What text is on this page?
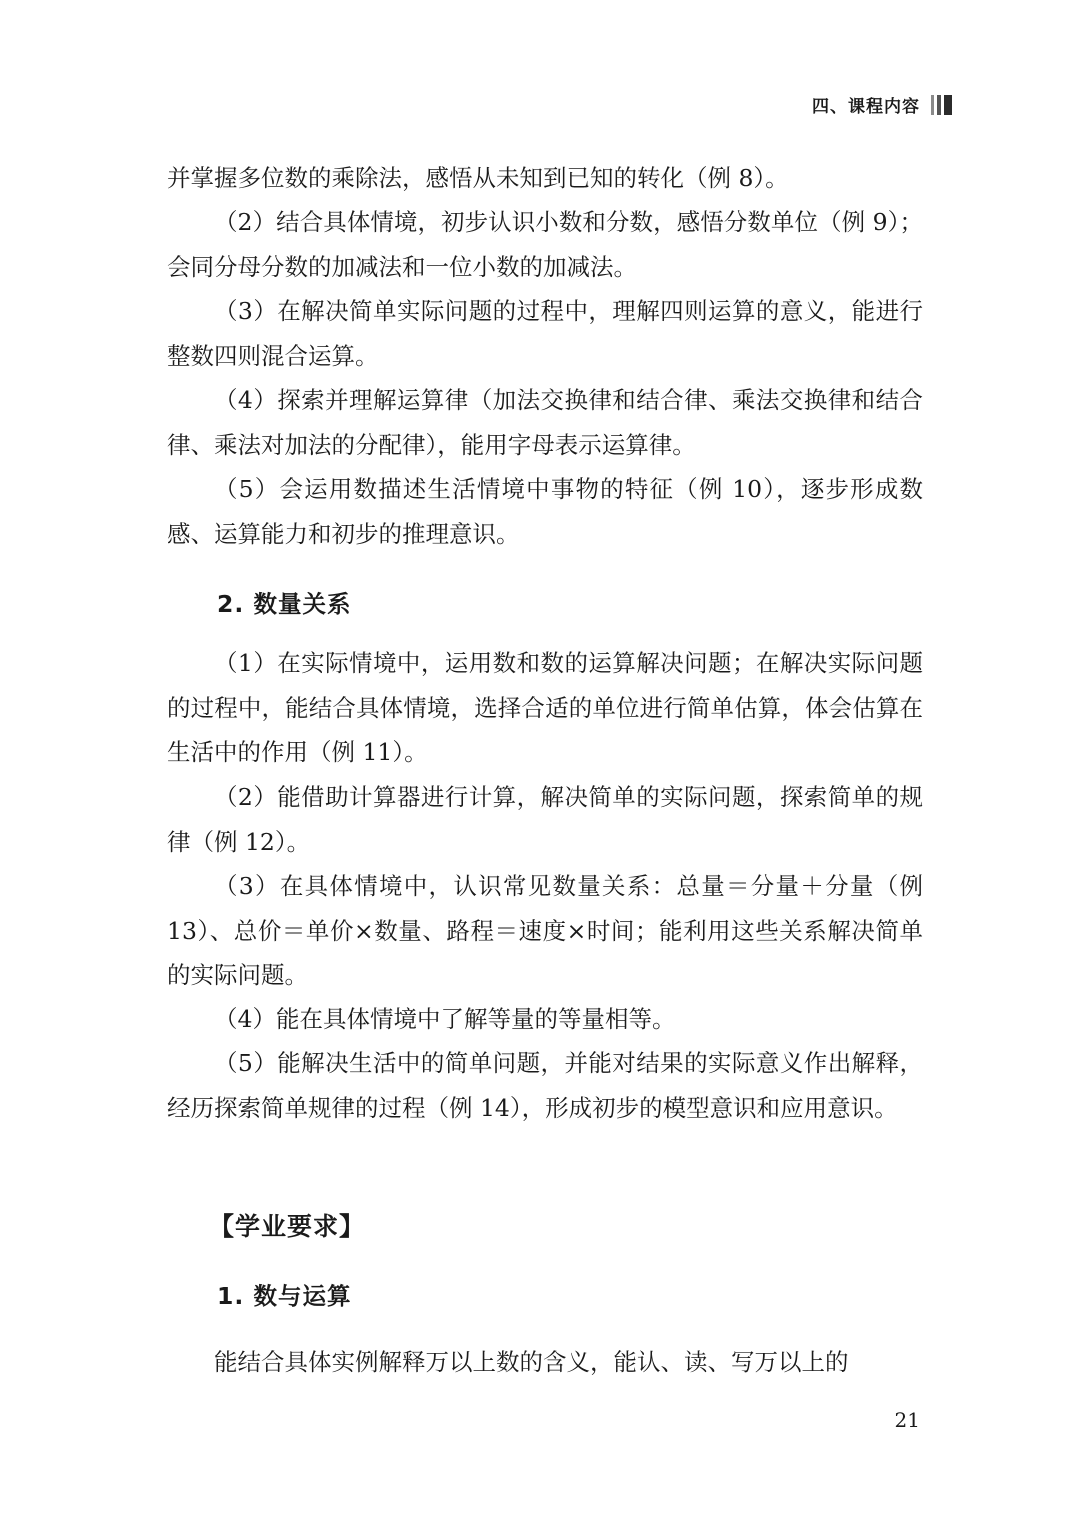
四、课程内容

并掌握多位数的乘除法，感悟从未知到已知的转化（例 8）。

（2）结合具体情境，初步认识小数和分数，感悟分数单位（例 9）；会同分母分数的加减法和一位小数的加减法。

（3）在解决简单实际问题的过程中，理解四则运算的意义，能进行整数四则混合运算。

（4）探索并理解运算律（加法交换律和结合律、乘法交换律和结合律、乘法对加法的分配律），能用字母表示运算律。

（5）会运用数描述生活情境中事物的特征（例 10），逐步形成数感、运算能力和初步的推理意识。

2. 数量关系

（1）在实际情境中，运用数和数的运算解决问题；在解决实际问题的过程中，能结合具体情境，选择合适的单位进行简单估算，体会估算在生活中的作用（例 11）。

（2）能借助计算器进行计算，解决简单的实际问题，探索简单的规律（例 12）。

（3）在具体情境中，认识常见数量关系：总量＝分量＋分量（例 13）、总价＝单价×数量、路程＝速度×时间；能利用这些关系解决简单的实际问题。

（4）能在具体情境中了解等量的等量相等。

（5）能解决生活中的简单问题，并能对结果的实际意义作出解释，经历探索简单规律的过程（例 14），形成初步的模型意识和应用意识。

【学业要求】
1. 数与运算

能结合具体实例解释万以上数的含义，能认、读、写万以上的

21
